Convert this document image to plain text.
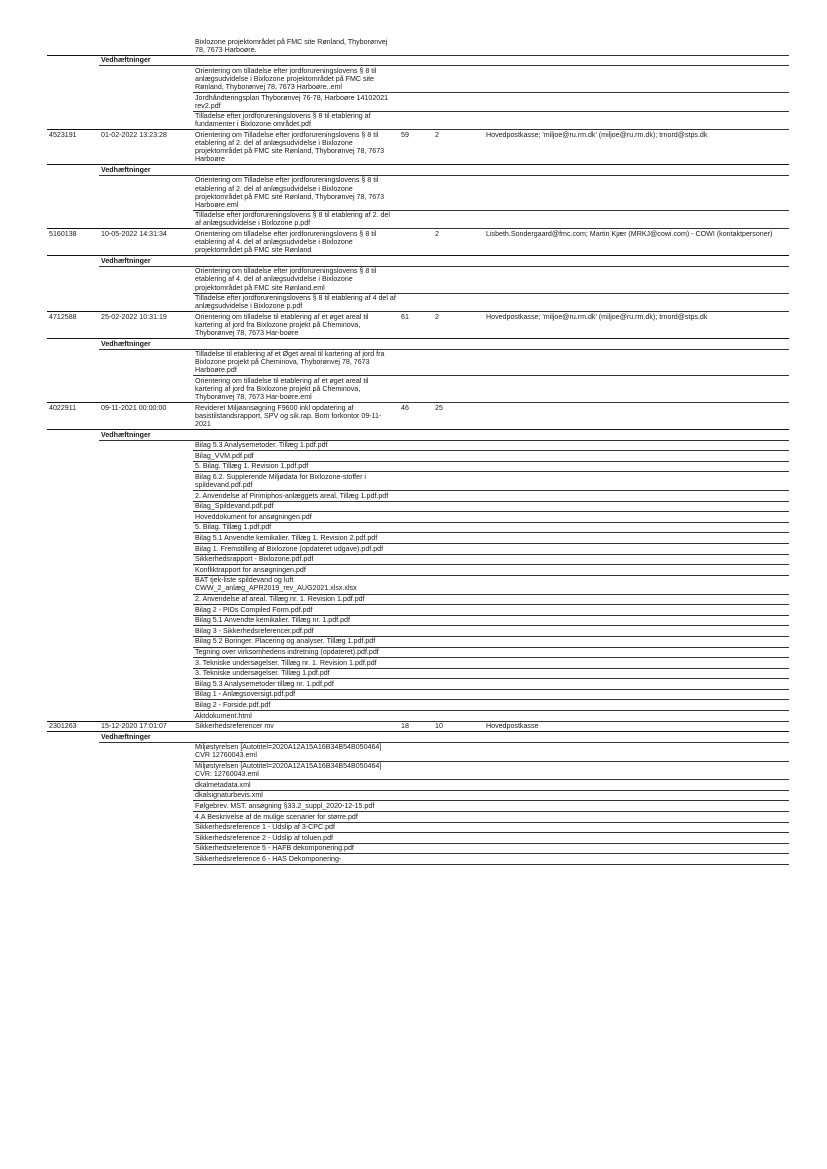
		Bixlozone projektområdet på FMC site Rønland, Thyborønvej 78, 7673 Harboøre.			
	Vedhæftninger				
		Orientering om tilladelse efter jordforureningslovens § 8 til anlægsudvidelse i Bixlozone projektområdet på FMC site Rønland, Thyborønvej 78, 7673 Harboøre..eml			
		Jordhåndteringsplan Thyborønvej 76-78, Harboøre 14102021 rev2.pdf			
		Tilladelse efter jordforureningslovens § 8 til etablering af fundamenter i Bixlozone området.pdf			
4523191	01-02-2022 13:23:28	Orientering om Tilladelse efter jordforureningslovens § 8 til etablering af 2. del af anlægsudvidelse i Bixlozone projektområdet på FMC site Rønland, Thyborønvej 78, 7673 Harboøre	59	2	Hovedpostkasse; 'miljoe@ru.rm.dk' (miljoe@ru.rm.dk); trnord@stps.dk
	Vedhæftninger				
		Orientering om Tilladelse efter jordforureningslovens § 8 til etablering af 2. del af anlægsudvidelse i Bixlozone projektområdet på FMC site Rønland, Thyborønvej 78, 7673 Harboøre.eml			
		Tilladelse efter jordforureningslovens § 8 til etablering af 2. del af anlægsudvidelse i Bixlozone p.pdf			
5160138	10-05-2022 14:31:34	Orientering om tilladelse efter jordforureningslovens § 8 til etablering af 4. del af anlægsudvidelse i Bixlozone projektområdet på FMC site Rønland		2	Lisbeth.Sondergaard@fmc.com; Martin Kjær (MRKJ@cowi.com) - COWI (kontaktpersoner)
	Vedhæftninger				
		Orientering om tilladelse efter jordforureningslovens § 8 til etablering af 4. del af anlægsudvidelse i Bixlozone projektområdet på FMC site Rønland.eml			
		Tilladelse efter jordforureningslovens § 8 til etablering af 4 del af anlægsudvidelse i Bixlozone p.pdf			
4712588	25-02-2022 10:31:19	Orientering om tilladelse til etablering af et øget areal til kartering af jord fra Bixlozone projekt på Cheminova, Thyborønvej 78, 7673 Har-boøre	61	2	Hovedpostkasse; 'miljoe@ru.rm.dk' (miljoe@ru.rm.dk); trnord@stps.dk
	Vedhæftninger				
		Tilladelse til etablering af et Øget areal til kartering af jord fra Bixlozone projekt på Cheminova, Thyborønvej 78, 7673 Harboøre.pdf			
		Orientering om tilladelse til etablering af et øget areal til kartering af jord fra Bixlozone projekt på Cheminova, Thyborønvej 78, 7673 Har-boøre.eml			
4022911	09-11-2021 00:00:00	Revideret Miljøansøgning F9600 inkl opdatering af basistilstandsrapport, SPV og sik.rap. Bom forkontor 09-11-2021	46	25	
	Vedhæftninger				
		Bilag 5.3 Analysemetoder. Tillæg 1.pdf.pdf			
		Bilag_VVM.pdf.pdf			
		5. Bilag. Tillæg 1. Revision 1.pdf.pdf			
		Bilag 6.2. Supplerende Miljødata for Bixlozone-stoffer i spildevand.pdf.pdf			
		2. Anvendelse af Pirimiphos-anlæggets areal. Tillæg 1.pdf.pdf			
		Bilag_Spildevand.pdf.pdf			
		Hoveddokument for ansøgningen.pdf			
		5. Bilag. Tillæg 1.pdf.pdf			
		Bilag 5.1 Anvendte kemikalier. Tillæg 1. Revision 2.pdf.pdf			
		Bilag 1. Fremstilling af Bixlozone (opdateret udgave).pdf.pdf			
		Sikkerhedsrapport - Bixlozone.pdf.pdf			
		Konfliktrapport for ansøgningen.pdf			
		BAT tjek-liste spildevand og luft CWW_2_anlæg_APR2019_rev_AUG2021.xlsx.xlsx			
		2. Anvendelse af areal. Tillæg nr. 1. Revision 1.pdf.pdf			
		Bilag 2 - PIDs Compiled Form.pdf.pdf			
		Bilag 5.1 Anvendte kemikalier. Tillæg nr. 1.pdf.pdf			
		Bilag 3 - Sikkerhedsreferencer.pdf.pdf			
		Bilag 5.2 Boringer. Placering og analyser. Tillæg 1.pdf.pdf			
		Tegning over virksomhedens indretning (opdateret).pdf.pdf			
		3. Tekniske undersøgelser. Tillæg nr. 1. Revision 1.pdf.pdf			
		3. Tekniske undersøgelser. Tillæg 1.pdf.pdf			
		Bilag 5.3 Analysemetoder tillæg nr. 1.pdf.pdf			
		Bilag 1 - Anlægsoversigt.pdf.pdf			
		Bilag 2 - Forside.pdf.pdf			
		Aktdokument.html			
2301263	15-12-2020 17:01:07	Sikkerhedsreferencer mv	18	10	Hovedpostkasse
	Vedhæftninger				
		Miljøstyrelsen [Autotitel=2020A12A15A16B34B54B050464] CVR 12760043.eml			
		Miljøstyrelsen [Autotitel=2020A12A15A16B34B54B050464] CVR: 12760043.eml			
		dkalmetadata.xml			
		dkalsignaturbevis.xml			
		Følgebrev. MST. ansøgning §33.2_suppl_2020-12-15.pdf			
		4.A Beskrivelse af de mulige scenarier for større.pdf			
		Sikkerhedsreference 1 - Udslip af 3-CPC.pdf			
		Sikkerhedsreference 2 - Udslip af toluen.pdf			
		Sikkerhedsreference 5 - HAFB dekomponering.pdf			
		Sikkerhedsreference 6 - HAS Dekomponering-			
